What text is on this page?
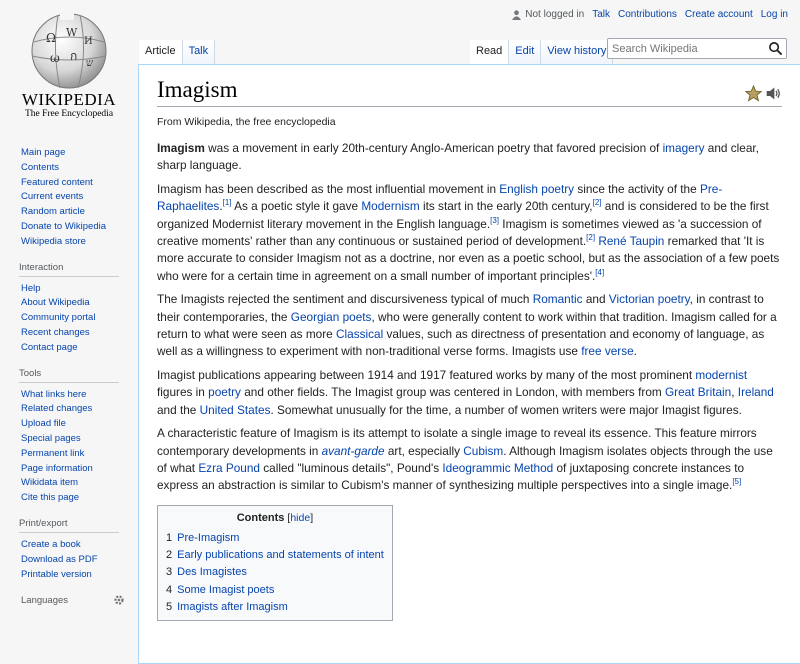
Ω W
И
ω ก
ש
WIKIPEDIA
The Free Encyclopedia
Not logged in Talk Contributions Create account Log in
Article	Talk	Read	Edit	View history
Search Wikipedia
Main page
Contents
Featured content
Current events
Random article
Donate to Wikipedia
Wikipedia store
Interaction
Help
About Wikipedia
Community portal
Recent changes
Contact page
Tools
What links here
Related changes
Upload file
Special pages
Permanent link
Page information
Wikidata item
Cite this page
Print/export
Create a book
Download as PDF
Printable version
Languages
Imagism
From Wikipedia, the free encyclopedia

Imagism was a movement in early 20th-century Anglo-American poetry that favored precision of imagery and clear, sharp language.

Imagism has been described as the most influential movement in English poetry since the activity of the Pre-Raphaelites.[1] As a poetic style it gave Modernism its start in the early 20th century,[2] and is considered to be the first organized Modernist literary movement in the English language.[3] Imagism is sometimes viewed as 'a succession of creative moments' rather than any continuous or sustained period of development.[2] René Taupin remarked that 'It is more accurate to consider Imagism not as a doctrine, nor even as a poetic school, but as the association of a few poets who were for a certain time in agreement on a small number of important principles'.[4]

The Imagists rejected the sentiment and discursiveness typical of much Romantic and Victorian poetry, in contrast to their contemporaries, the Georgian poets, who were generally content to work within that tradition. Imagism called for a return to what were seen as more Classical values, such as directness of presentation and economy of language, as well as a willingness to experiment with non-traditional verse forms. Imagists use free verse.

Imagist publications appearing between 1914 and 1917 featured works by many of the most prominent modernist figures in poetry and other fields. The Imagist group was centered in London, with members from Great Britain, Ireland and the United States. Somewhat unusually for the time, a number of women writers were major Imagist figures.

A characteristic feature of Imagism is its attempt to isolate a single image to reveal its essence. This feature mirrors contemporary developments in avant-garde art, especially Cubism. Although Imagism isolates objects through the use of what Ezra Pound called "luminous details", Pound's Ideogrammic Method of juxtaposing concrete instances to express an abstraction is similar to Cubism's manner of synthesizing multiple perspectives into a single image.[5]

Contents [hide]
1 Pre-Imagism
2 Early publications and statements of intent
3 Des Imagistes
4 Some Imagist poets
5 Imagists after Imagism
